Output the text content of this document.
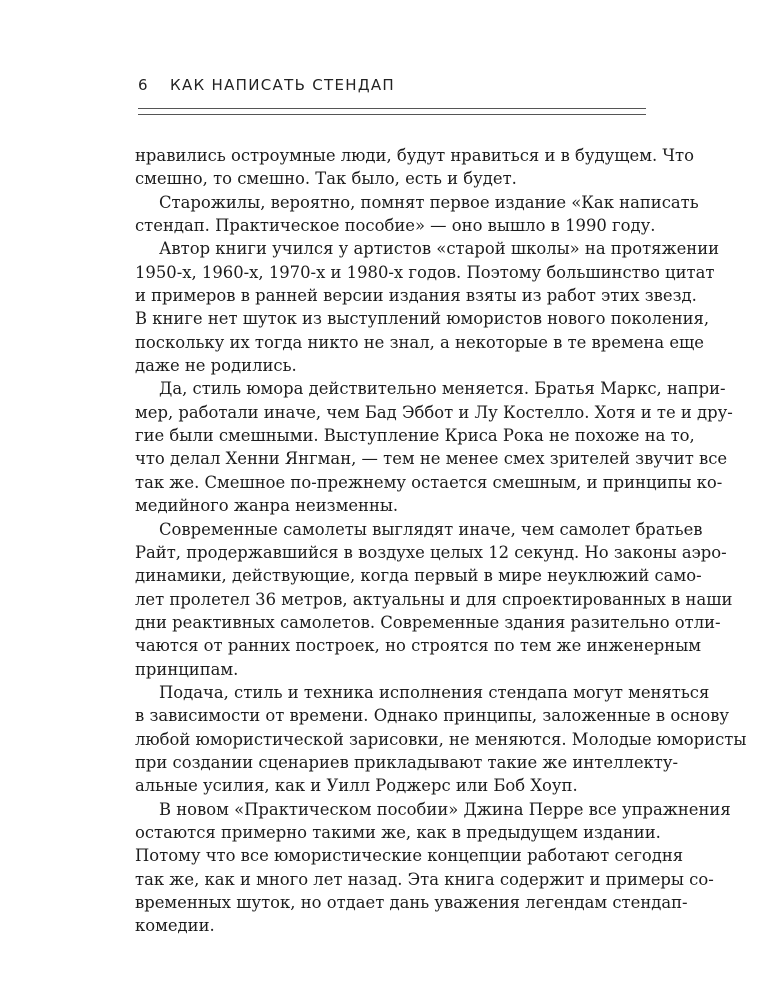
6 КАК НАПИСАТЬ СТЕНДАП
нравились остроумные люди, будут нравиться и в будущем. Что
смешно, то смешно. Так было, есть и будет.
Старожилы, вероятно, помнят первое издание «Как написать
стендап. Практическое пособие» — оно вышло в 1990 году.
Автор книги учился у артистов «старой школы» на протяжении
1950-х, 1960-х, 1970-х и 1980-х годов. Поэтому большинство цитат
и примеров в ранней версии издания взяты из работ этих звезд.
В книге нет шуток из выступлений юмористов нового поколения,
поскольку их тогда никто не знал, а некоторые в те времена еще
даже не родились.
Да, стиль юмора действительно меняется. Братья Маркс, напри-
мер, работали иначе, чем Бад Эббот и Лу Костелло. Хотя и те и дру-
гие были смешными. Выступление Криса Рока не похоже на то,
что делал Хенни Янгман, — тем не менее смех зрителей звучит все
так же. Смешное по-прежнему остается смешным, и принципы ко-
медийного жанра неизменны.
Современные самолеты выглядят иначе, чем самолет братьев
Райт, продержавшийся в воздухе целых 12 секунд. Но законы аэро-
динамики, действующие, когда первый в мире неуклюжий само-
лет пролетел 36 метров, актуальны и для спроектированных в наши
дни реактивных самолетов. Современные здания разительно отли-
чаются от ранних построек, но строятся по тем же инженерным
принципам.
Подача, стиль и техника исполнения стендапа могут меняться
в зависимости от времени. Однако принципы, заложенные в основу
любой юмористической зарисовки, не меняются. Молодые юмористы
при создании сценариев прикладывают такие же интеллекту-
альные усилия, как и Уилл Роджерс или Боб Хоуп.
В новом «Практическом пособии» Джина Перре все упражнения
остаются примерно такими же, как в предыдущем издании.
Потому что все юмористические концепции работают сегодня
так же, как и много лет назад. Эта книга содержит и примеры со-
временных шуток, но отдает дань уважения легендам стендап-
комедии.
